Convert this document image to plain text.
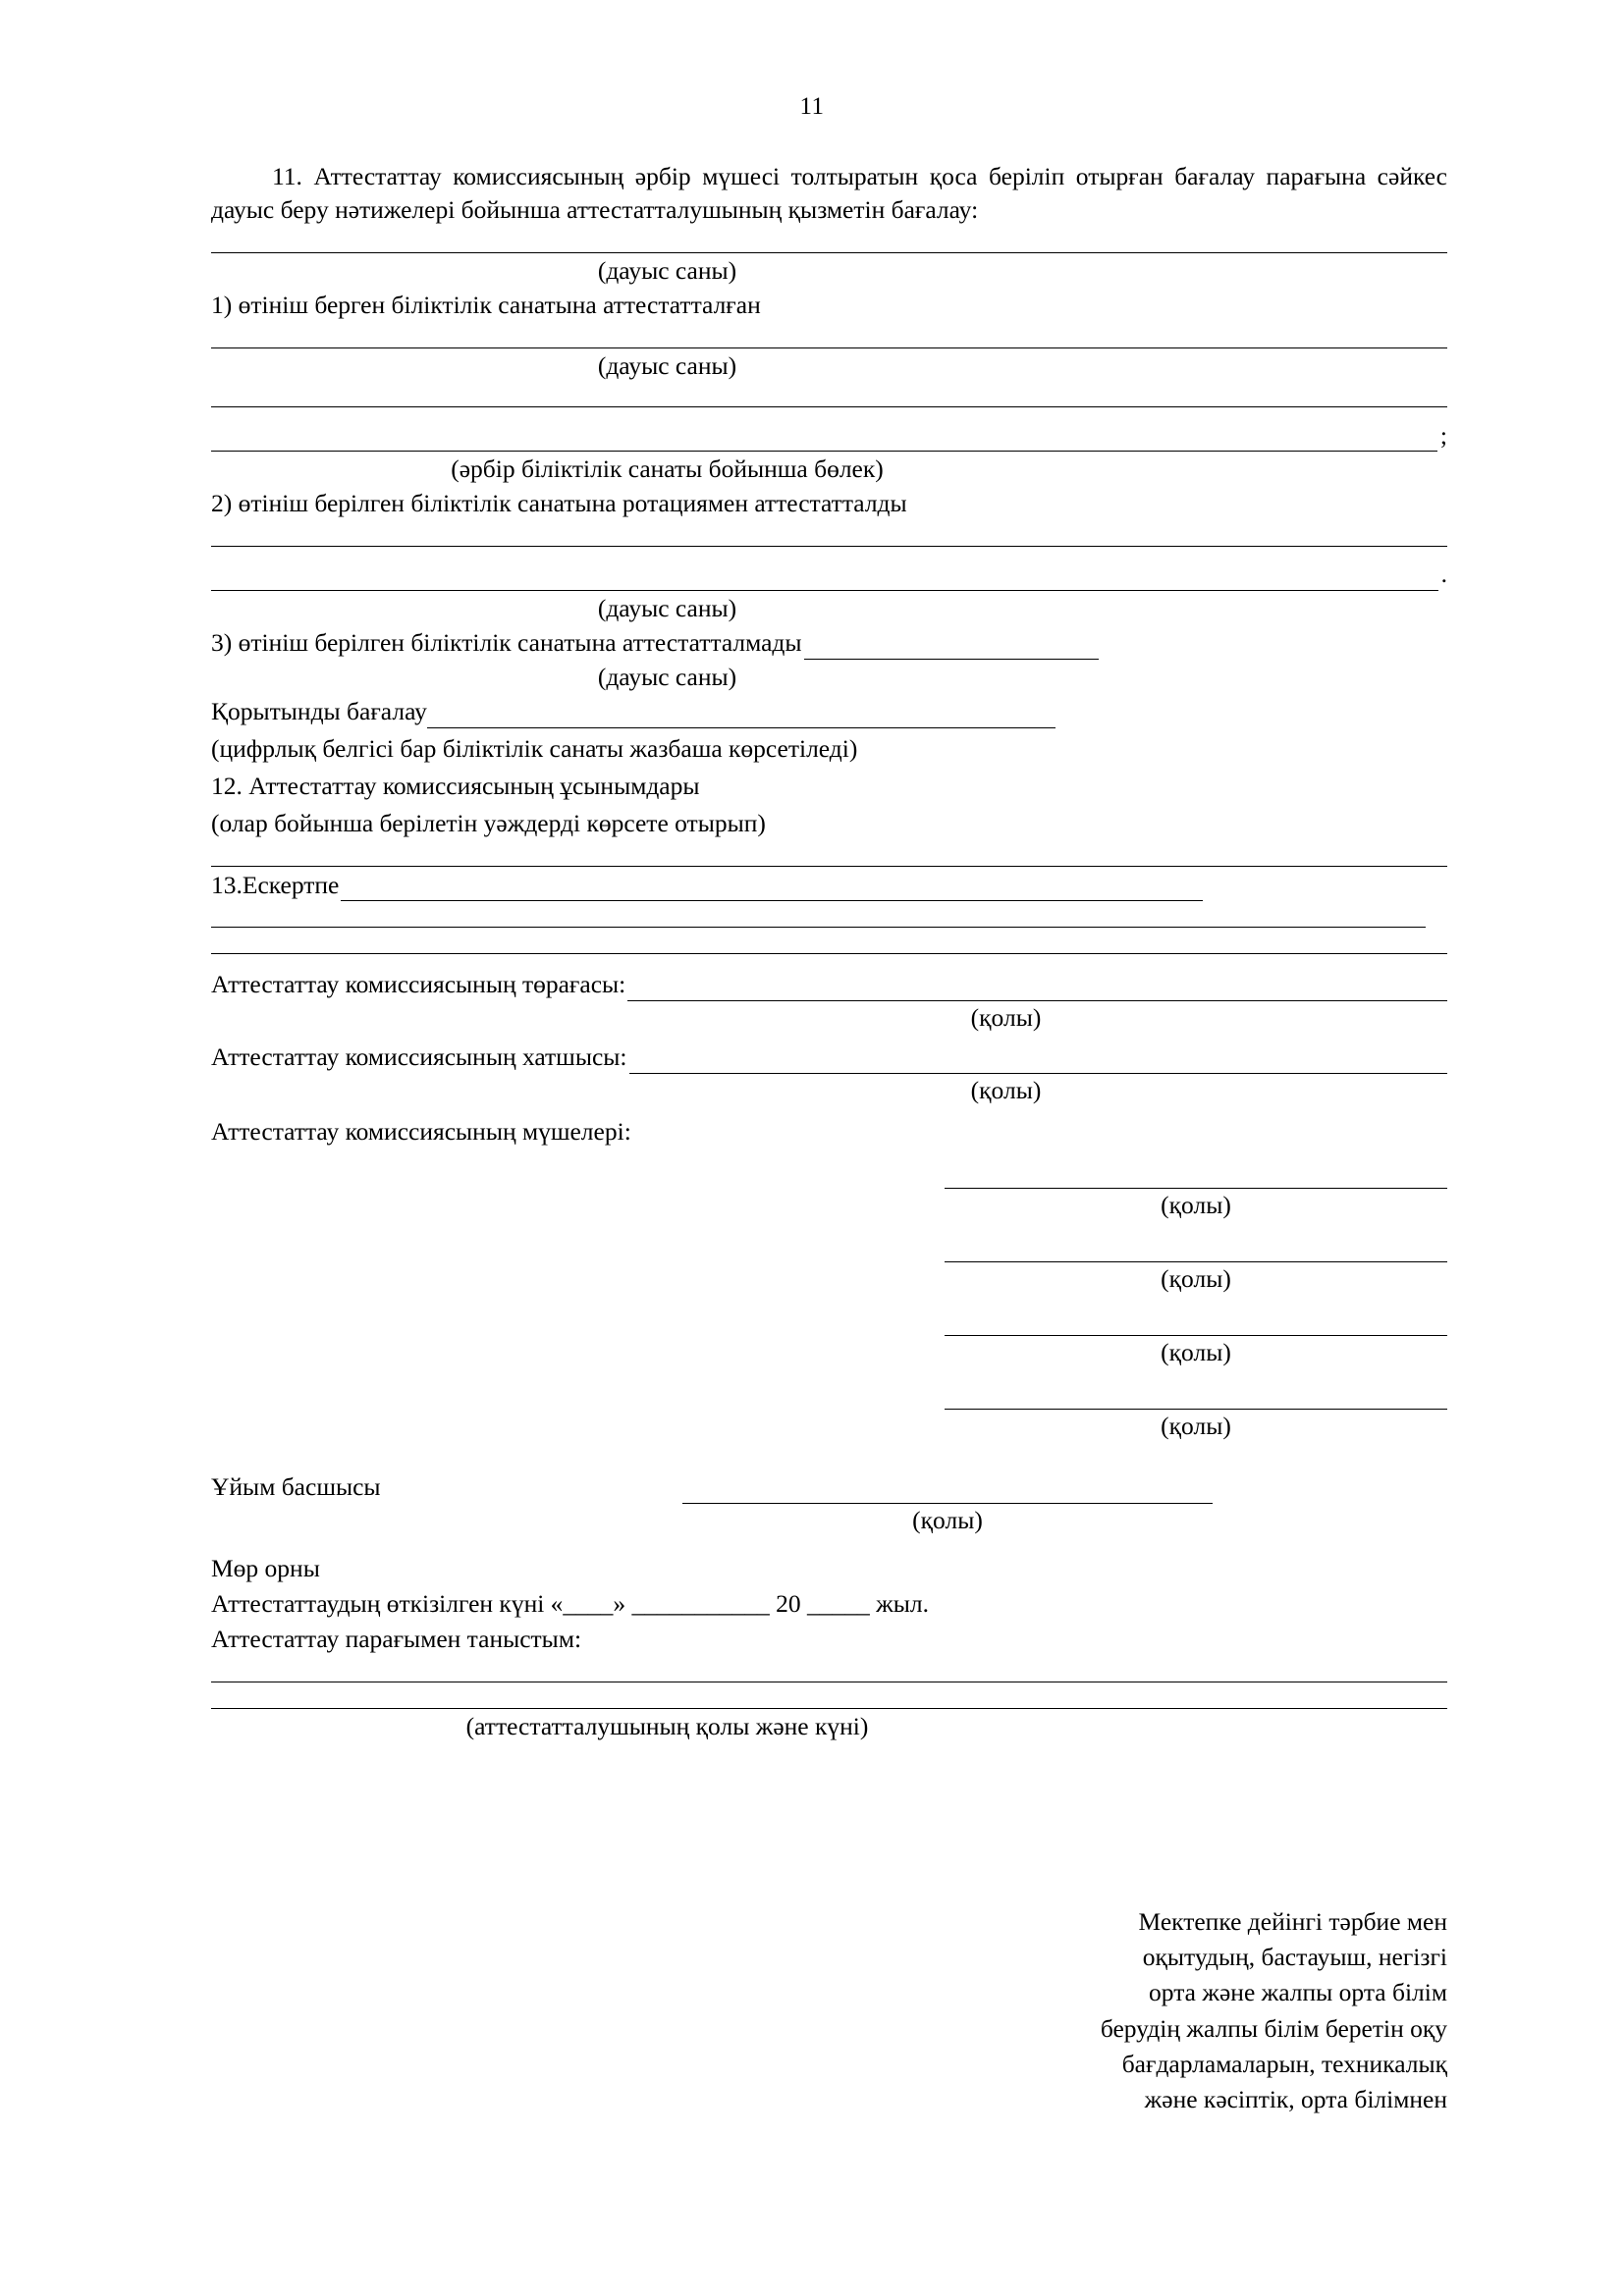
11
11. Аттестаттау комиссиясының әрбір мүшесі толтыратын қоса беріліп отырған бағалау парағына сәйкес дауыс беру нәтижелері бойынша аттестатталушының қызметін бағалау:
(дауыс саны)
1) өтініш берген біліктілік санатына аттестатталған
(дауыс саны)
;
(әрбір біліктілік санаты бойынша бөлек)
2) өтініш берілген біліктілік санатына ротациямен аттестатталды
.
(дауыс саны)
3) өтініш берілген біліктілік санатына аттестатталмады
(дауыс саны)
Қорытынды бағалау
(цифрлық белгісі бар біліктілік санаты жазбаша көрсетіледі)
12. Аттестаттау комиссиясының ұсынымдары
(олар бойынша берілетін уәждерді көрсете отырып)
13.Ескертпе
Аттестаттау комиссиясының төрағасы:
(қолы)
Аттестаттау комиссиясының хатшысы:
(қолы)
Аттестаттау комиссиясының мүшелері:
(қолы)
(қолы)
(қолы)
(қолы)
Ұйым басшысы
(қолы)
Мөр орны
Аттестаттаудың өткізілген күні «____» ___________ 20 _____ жыл.
Аттестаттау парағымен таныстым:
(аттестатталушының қолы және күні)
Мектепке дейінгі тәрбие мен
оқытудың, бастауыш, негізгі
орта және жалпы орта білім
берудің жалпы білім беретін оқу
бағдарламаларын, техникалық
және кәсіптік, орта білімнен
